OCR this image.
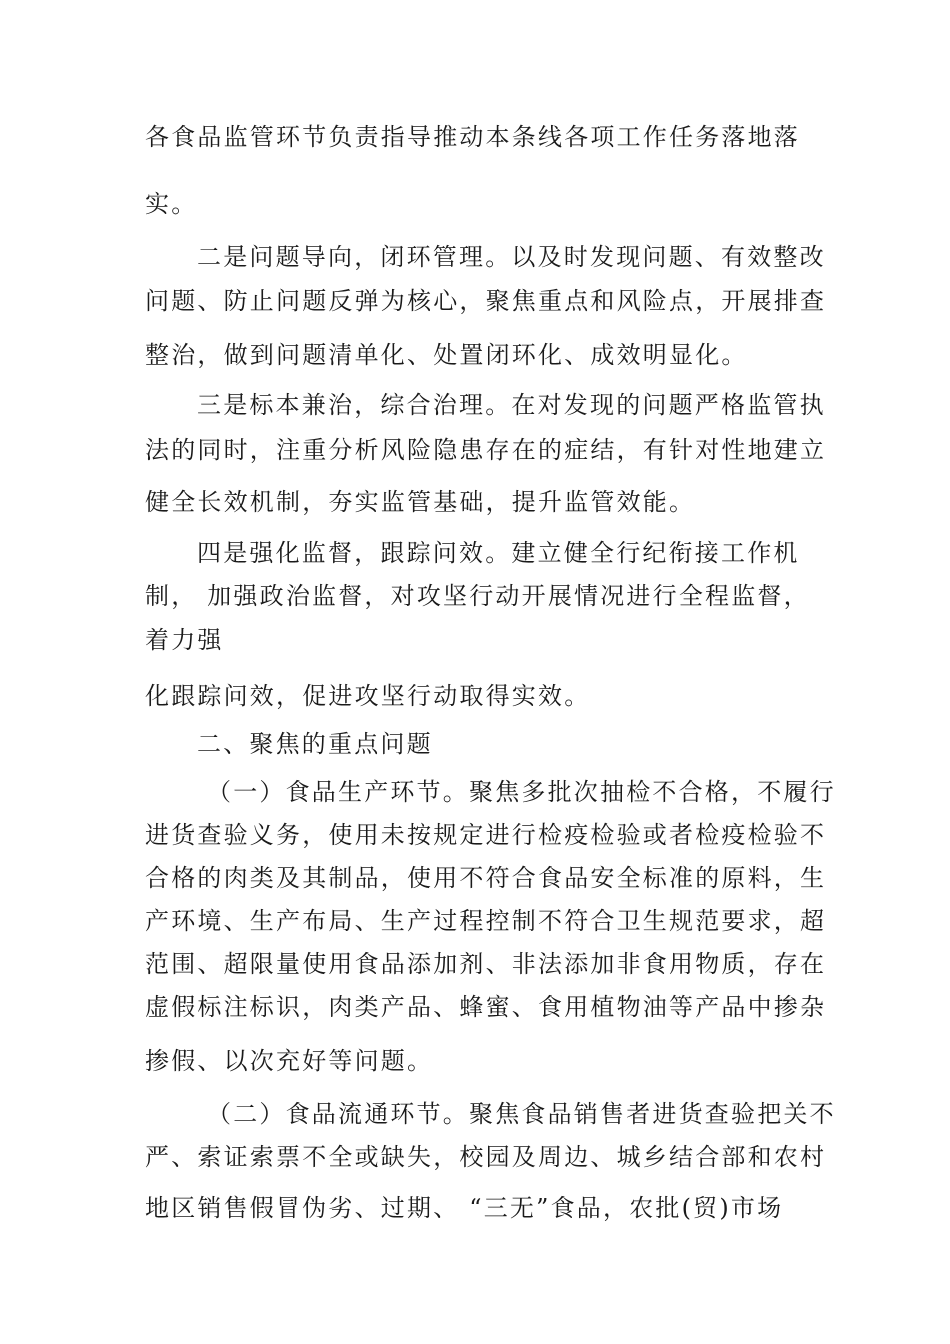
各食品监管环节负责指导推动本条线各项工作任务落地落
实。
二是问题导向，闭环管理。以及时发现问题、有效整改
问题、防止问题反弹为核心，聚焦重点和风险点，开展排查
整治，做到问题清单化、处置闭环化、成效明显化。
三是标本兼治，综合治理。在对发现的问题严格监管执
法的同时，注重分析风险隐患存在的症结，有针对性地建立
健全长效机制，夯实监管基础，提升监管效能。
四是强化监督，跟踪问效。建立健全行纪衔接工作机
制， 加强政治监督，对攻坚行动开展情况进行全程监督，
着力强
化跟踪问效，促进攻坚行动取得实效。
二、聚焦的重点问题
（一）食品生产环节。聚焦多批次抽检不合格，不履行
进货查验义务，使用未按规定进行检疫检验或者检疫检验不
合格的肉类及其制品，使用不符合食品安全标准的原料，生
产环境、生产布局、生产过程控制不符合卫生规范要求，超
范围、超限量使用食品添加剂、非法添加非食用物质，存在
虚假标注标识，肉类产品、蜂蜜、食用植物油等产品中掺杂
掺假、以次充好等问题。
（二）食品流通环节。聚焦食品销售者进货查验把关不
严、索证索票不全或缺失，校园及周边、城乡结合部和农村
地区销售假冒伪劣、过期、 “三无”食品，农批(贸)市场
